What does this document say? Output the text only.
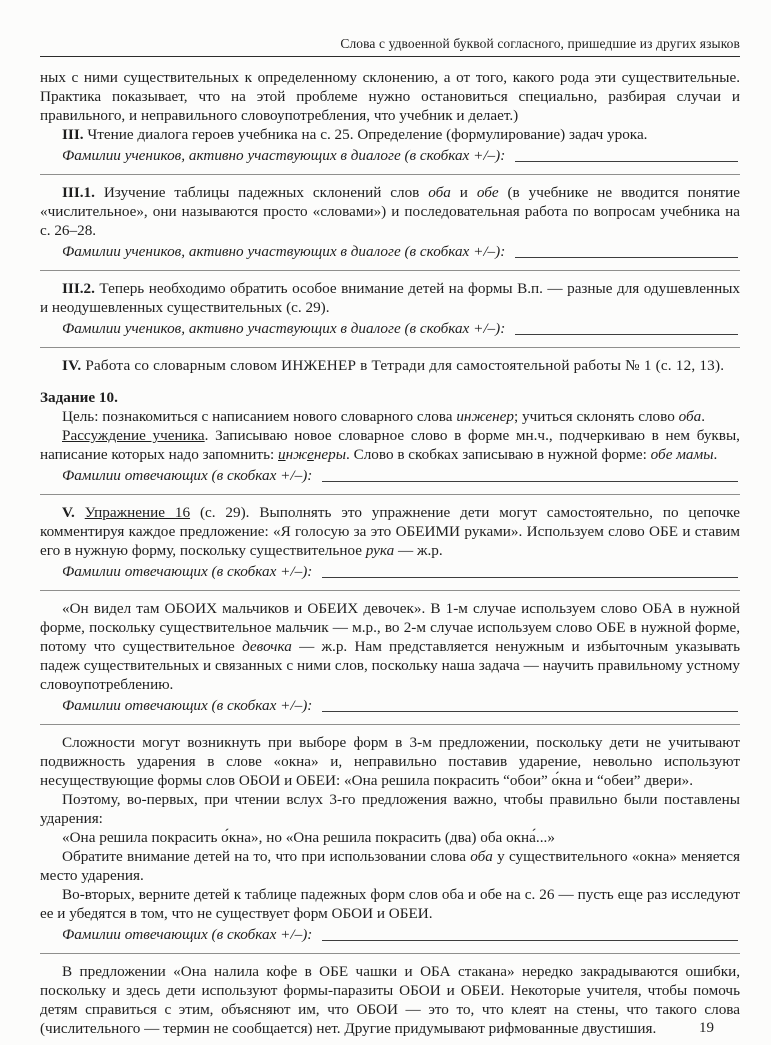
Слова с удвоенной буквой согласного, пришедшие из других языков

ных с ними существительных к определенному склонению, а от того, какого рода эти существительные. Практика показывает, что на этой проблеме нужно остановиться специально, разбирая случаи и правильного, и неправильного словоупотребления, что учебник и делает.)

III. Чтение диалога героев учебника на с. 25. Определение (формулирование) задач урока.

Фамилии учеников, активно участвующих в диалоге (в скобках +/–):

III.1. Изучение таблицы падежных склонений слов оба и обе (в учебнике не вводится понятие «числительное», они называются просто «словами») и последовательная работа по вопросам учебника на с. 26–28.

Фамилии учеников, активно участвующих в диалоге (в скобках +/–):

III.2. Теперь необходимо обратить особое внимание детей на формы В.п. — разные для одушевленных и неодушевленных существительных (с. 29).

Фамилии учеников, активно участвующих в диалоге (в скобках +/–):

IV. Работа со словарным словом ИНЖЕНЕР в Тетради для самостоятельной работы № 1 (с. 12, 13).

Задание 10.

Цель: познакомиться с написанием нового словарного слова инженер; учиться склонять слово оба.

Рассуждение ученика. Записываю новое словарное слово в форме мн.ч., подчеркиваю в нем буквы, написание которых надо запомнить: инженеры. Слово в скобках записываю в нужной форме: обе мамы.

Фамилии отвечающих (в скобках +/–):

V. Упражнение 16 (с. 29). Выполнять это упражнение дети могут самостоятельно, по цепочке комментируя каждое предложение: «Я голосую за это ОБЕИМИ руками». Используем слово ОБЕ и ставим его в нужную форму, поскольку существительное рука — ж.р.

Фамилии отвечающих (в скобках +/–):

«Он видел там ОБОИХ мальчиков и ОБЕИХ девочек». В 1-м случае используем слово ОБА в нужной форме, поскольку существительное мальчик — м.р., во 2-м случае используем слово ОБЕ в нужной форме, потому что существительное девочка — ж.р. Нам представляется ненужным и избыточным указывать падеж существительных и связанных с ними слов, поскольку наша задача — научить правильному устному словоупотреблению.

Фамилии отвечающих (в скобках +/–):

Сложности могут возникнуть при выборе форм в 3-м предложении, поскольку дети не учитывают подвижность ударения в слове «окна» и, неправильно поставив ударение, невольно используют несуществующие формы слов ОБОИ и ОБЕИ: «Она решила покрасить “обои” о́кна и “обеи” двери».

Поэтому, во-первых, при чтении вслух 3-го предложения важно, чтобы правильно были поставлены ударения:

«Она решила покрасить о́кна», но «Она решила покрасить (два) оба окна́...»

Обратите внимание детей на то, что при использовании слова оба у существительного «окна» меняется место ударения.

Во-вторых, верните детей к таблице падежных форм слов оба и обе на с. 26 — пусть еще раз исследуют ее и убедятся в том, что не существует форм ОБОИ и ОБЕИ.

Фамилии отвечающих (в скобках +/–):

В предложении «Она налила кофе в ОБЕ чашки и ОБА стакана» нередко закрадываются ошибки, поскольку и здесь дети используют формы-паразиты ОБОИ и ОБЕИ. Некоторые учителя, чтобы помочь детям справиться с этим, объясняют им, что ОБОИ — это то, что клеят на стены, что такого слова (числительного — термин не сообщается) нет. Другие придумывают рифмованные двустишия.	19
